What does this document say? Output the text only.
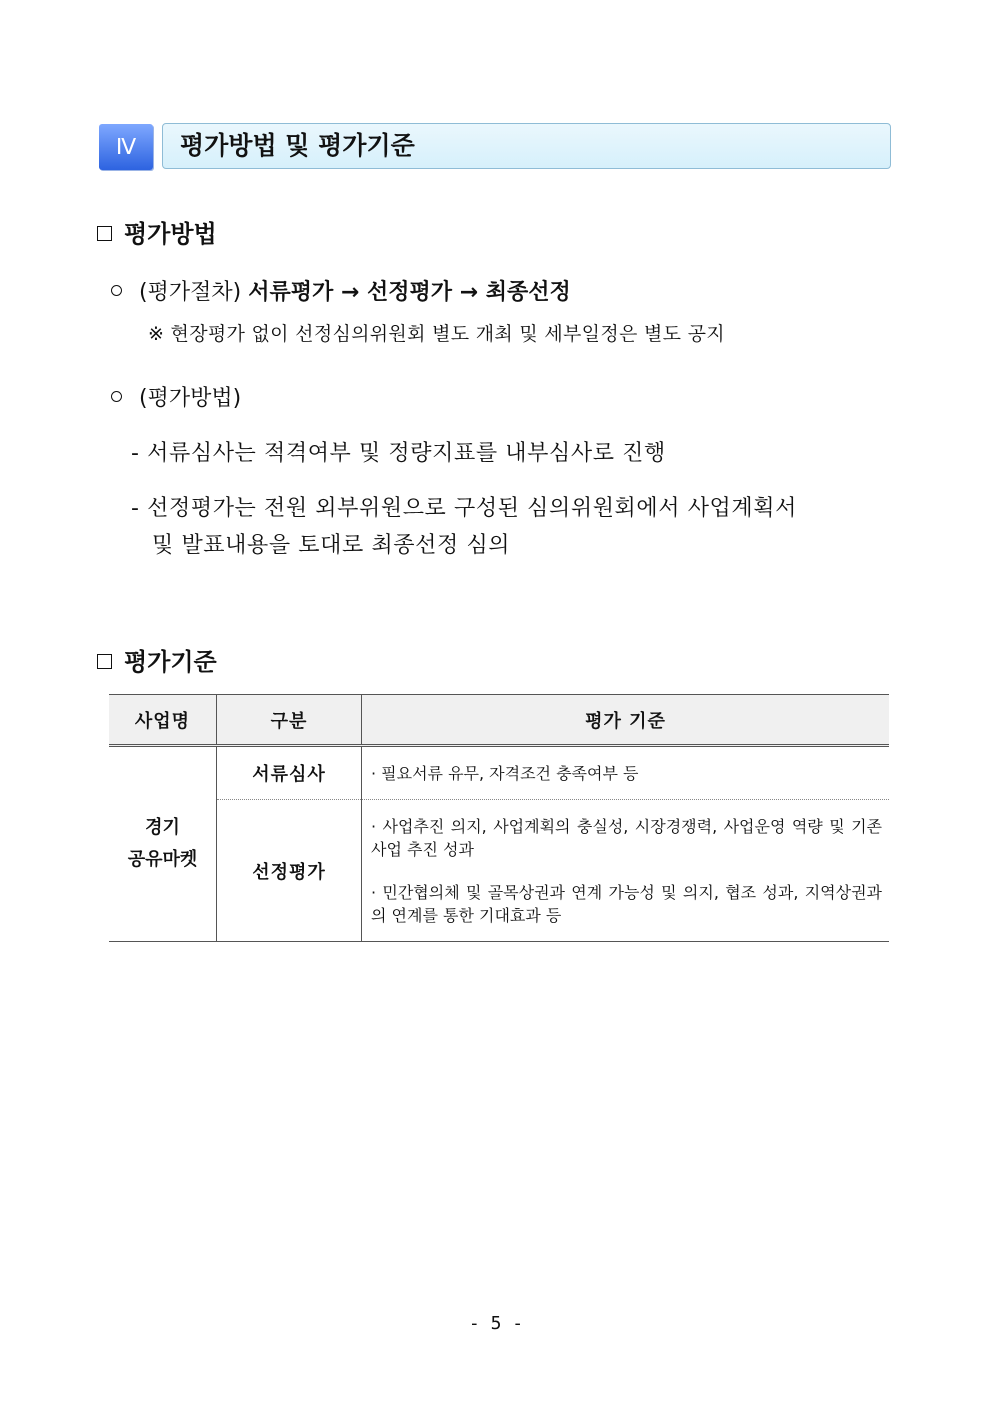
Ⅳ	평가방법 및 평가기준
평가방법
(평가절차) 서류평가 → 선정평가 → 최종선정
※ 현장평가 없이 선정심의위원회 별도 개최 및 세부일정은 별도 공지
(평가방법)
- 서류심사는 적격여부 및 정량지표를 내부심사로 진행
- 선정평가는 전원 외부위원으로 구성된 심의위원회에서 사업계획서
및 발표내용을 토대로 최종선정 심의
평가기준
사업명	구분	평가 기준

경기
공유마켓	서류심사	· 필요서류 유무, 자격조건 충족여부 등

	선정평가	· 사업추진 의지, 사업계획의 충실성, 시장경쟁력, 사업운영 역량 및 기존 사업 추진 성과
· 민간협의체 및 골목상권과 연계 가능성 및 의지, 협조 성과, 지역상권과의 연계를 통한 기대효과 등
- 5 -
